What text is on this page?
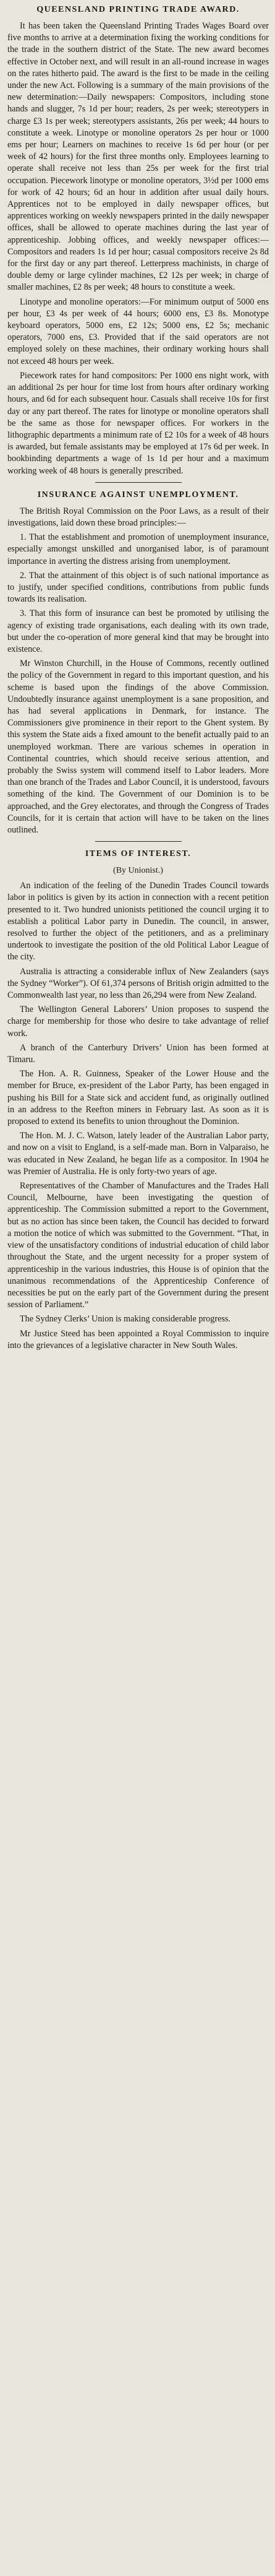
QUEENSLAND PRINTING TRADE AWARD.

It has been taken the Queensland Printing Trades Wages Board over five months to arrive at a determination fixing the working conditions for the trade in the southern district of the State. The new award becomes effective in October next, and will result in an all-round increase in wages on the rates hitherto paid. The award is the first to be made in the ceiling under the new Act. Following is a summary of the main provisions of the new determination:—Daily newspapers: Compositors, including stone hands and slugger, 7s 1d per hour; readers, 2s per week; stereotypers in charge £3 1s per week; stereotypers assistants, 26s per week; 44 hours to constitute a week. Linotype or monoline operators 2s per hour or 1000 ems per hour; Learners on machines to receive 1s 6d per hour (or per week of 42 hours) for the first three months only. Employees learning to operate shall receive not less than 25s per week for the first trial occupation. Piecework linotype or monoline operators, 3½d per 1000 ems for work of 42 hours; 6d an hour in addition after usual daily hours. Apprentices not to be employed in daily newspaper offices, but apprentices working on weekly newspapers printed in the daily newspaper offices, shall be allowed to operate machines during the last year of apprenticeship. Jobbing offices, and weekly newspaper offices:—Compositors and readers 1s 1d per hour; casual compositors receive 2s 8d for the first day or any part thereof. Letterpress machinists, in charge of double demy or large cylinder machines, £2 12s per week; in charge of smaller machines, £2 8s per week; 48 hours to constitute a week.

Linotype and monoline operators:—For minimum output of 5000 ens per hour, £3 4s per week of 44 hours; 6000 ens, £3 8s. Monotype keyboard operators, 5000 ens, £2 12s; 5000 ens, £2 5s; mechanic operators, 7000 ens, £3. Provided that if the said operators are not employed solely on these machines, their ordinary working hours shall not exceed 48 hours per week.

Piecework rates for hand compositors: Per 1000 ens night work, with an additional 2s per hour for time lost from hours after ordinary working hours, and 6d for each subsequent hour. Casuals shall receive 10s for first day or any part thereof. The rates for linotype or monoline operators shall be the same as those for newspaper offices. For workers in the lithographic departments a minimum rate of £2 10s for a week of 48 hours is awarded, but female assistants may be employed at 17s 6d per week. In bookbinding departments a wage of 1s 1d per hour and a maximum working week of 48 hours is generally prescribed.

INSURANCE AGAINST UNEMPLOYMENT.

The British Royal Commission on the Poor Laws, as a result of their investigations, laid down these broad principles:—

1. That the establishment and promotion of unemployment insurance, especially amongst unskilled and unorganised labor, is of paramount importance in averting the distress arising from unemployment.

2. That the attainment of this object is of such national importance as to justify, under specified conditions, contributions from public funds towards its realisation.

3. That this form of insurance can best be promoted by utilising the agency of existing trade organisations, each dealing with its own trade, but under the co-operation of more general kind that may be brought into existence.

Mr Winston Churchill, in the House of Commons, recently outlined the policy of the Government in regard to this important question, and his scheme is based upon the findings of the above Commission. Undoubtedly insurance against unemployment is a sane proposition, and has had several applications in Denmark, for instance. The Commissioners give prominence in their report to the Ghent system. By this system the State aids a fixed amount to the benefit actually paid to an unemployed workman. There are various schemes in operation in Continental countries, which should receive serious attention, and probably the Swiss system will commend itself to Labor leaders. More than one branch of the Trades and Labor Council, it is understood, favours something of the kind. The Government of our Dominion is to be approached, and the Grey electorates, and through the Congress of Trades Councils, for it is certain that action will have to be taken on the lines outlined.

ITEMS OF INTEREST.
(By Unionist.)

An indication of the feeling of the Dunedin Trades Council towards labor in politics is given by its action in connection with a recent petition presented to it. Two hundred unionists petitioned the council urging it to establish a political Labor party in Dunedin. The council, in answer, resolved to further the object of the petitioners, and as a preliminary undertook to investigate the position of the old Political Labor League of the city.

Australia is attracting a considerable influx of New Zealanders (says the Sydney “Worker”). Of 61,374 persons of British origin admitted to the Commonwealth last year, no less than 26,294 were from New Zealand.

The Wellington General Laborers’ Union proposes to suspend the charge for membership for those who desire to take advantage of relief work.

A branch of the Canterbury Drivers’ Union has been formed at Timaru.

The Hon. A. R. Guinness, Speaker of the Lower House and the member for Bruce, ex-president of the Labor Party, has been engaged in pushing his Bill for a State sick and accident fund, as originally outlined in an address to the Reefton miners in February last. As soon as it is proposed to extend its benefits to union throughout the Dominion.

The Hon. M. J. C. Watson, lately leader of the Australian Labor party, and now on a visit to England, is a self-made man. Born in Valparaiso, he was educated in New Zealand, he began life as a compositor. In 1904 he was Premier of Australia. He is only forty-two years of age.

Representatives of the Chamber of Manufactures and the Trades Hall Council, Melbourne, have been investigating the question of apprenticeship. The Commission submitted a report to the Government, but as no action has since been taken, the Council has decided to forward a motion the notice of which was submitted to the Government. “That, in view of the unsatisfactory conditions of industrial education of child labor throughout the State, and the urgent necessity for a proper system of apprenticeship in the various industries, this House is of opinion that the unanimous recommendations of the Apprenticeship Conference of necessities be put on the early part of the Government during the present session of Parliament.”

The Sydney Clerks’ Union is making considerable progress.

Mr Justice Steed has been appointed a Royal Commission to inquire into the grievances of a legislative character in New South Wales.
